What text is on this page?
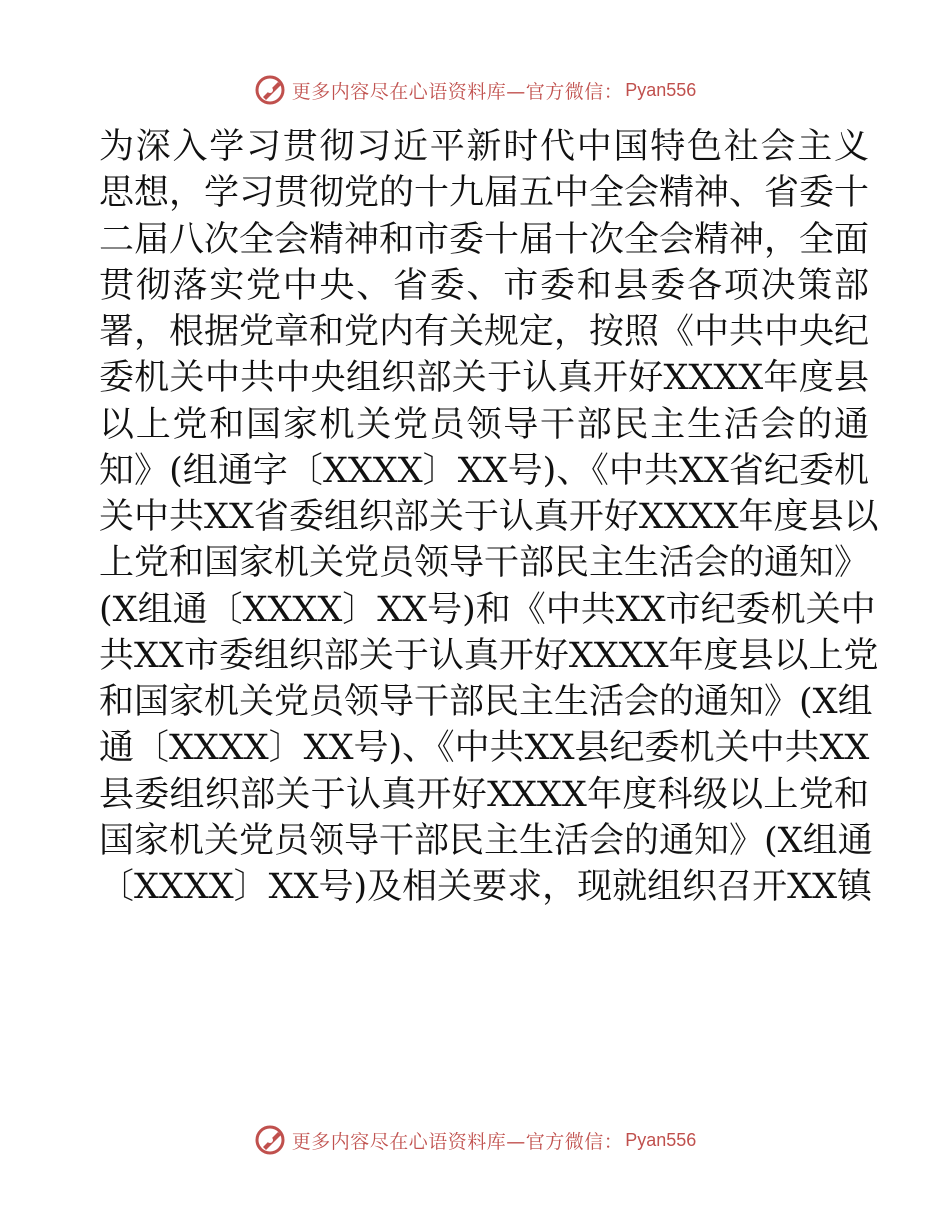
更多内容尽在心语资料库—官方微信： Pyan556
为深入学习贯彻习近平新时代中国特色社会主义
思想，学习贯彻党的十九届五中全会精神、省委十
二届八次全会精神和市委十届十次全会精神，全面
贯彻落实党中央、省委、市委和县委各项决策部
署，根据党章和党内有关规定，按照《中共中央纪
委机关中共中央组织部关于认真开好XXXX年度县
以上党和国家机关党员领导干部民主生活会的通
知》(组通字〔XXXX〕XX号)、《中共XX省纪委机
关中共XX省委组织部关于认真开好XXXX年度县以
上党和国家机关党员领导干部民主生活会的通知》
(X组通〔XXXX〕XX号)和《中共XX市纪委机关中
共XX市委组织部关于认真开好XXXX年度县以上党
和国家机关党员领导干部民主生活会的通知》(X组
通〔XXXX〕XX号)、《中共XX县纪委机关中共XX
县委组织部关于认真开好XXXX年度科级以上党和
国家机关党员领导干部民主生活会的通知》(X组通
〔XXXX〕XX号)及相关要求，现就组织召开XX镇
更多内容尽在心语资料库—官方微信： Pyan556
